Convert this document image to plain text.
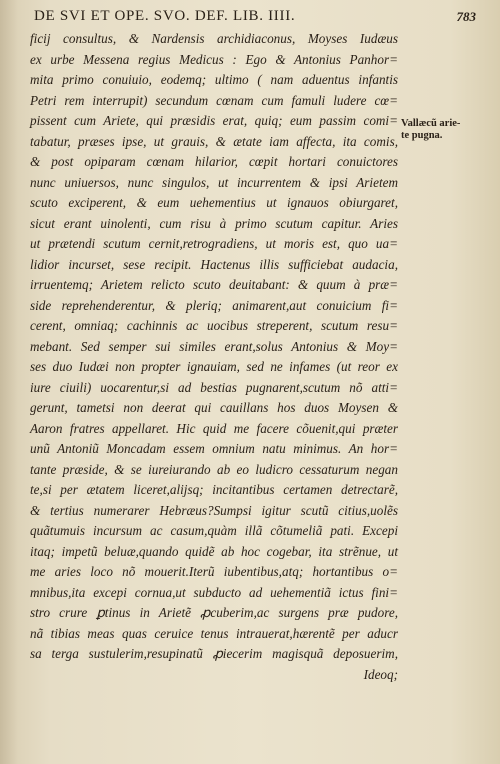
DE SVI ET OPE. SVO. DEF. LIB. IIII.	783
ficij consultus, & Nardensis archidiaconus, Moyses Iudæus
ex urbe Messena regius Medicus : Ego & Antonius Panhor=
mita primo conuiuio, eodemq; ultimo ( nam aduentus infantis
Petri rem interrupit) secundum cœnam cum famuli ludere cœ=
pissent cum Ariete, qui præsidis erat, quiq; eum passim comi=
tabatur, præses ipse, ut grauis, & ætate iam affecta, ita comis,
& post opiparam cœnam hilarior, cœpit hortari conuictores
nunc uniuersos, nunc singulos, ut incurrentem & ipsi Arietem
scuto exciperent, & eum uehementius ut ignauos obiurgaret,
sicut erant uinolenti, cum risu à primo scutum capitur. Aries
ut prætendi scutum cernit,retrogradiens, ut moris est, quo ua=
lidior incurset, sese recipit. Hactenus illis sufficiebat audacia,
irruentemq; Arietem relicto scuto deuitabant: & quum à præ=
side reprehenderentur, & pleriq; animarent,aut conuicium fi=
cerent, omniaq; cachinnis ac uocibus streperent, scutum resu=
mebant. Sed semper sui similes erant,solus Antonius & Moy=
ses duo Iudæi non propter ignauiam, sed ne infames (ut reor ex
iure ciuili) uocarentur,si ad bestias pugnarent,scutum nõ atti=
gerunt, tametsi non deerat qui cauillans hos duos Moysen &
Aaron fratres appellaret. Hic quid me facere cõuenit,qui præter
unũ Antoniũ Moncadam essem omnium natu minimus. An hor=
tante præside, & se iureiurando ab eo ludicro cessaturum negan
te,si per ætatem liceret,alijsq; incitantibus certamen detrectarẽ,
& tertius numerarer Hebræus?Sumpsi igitur scutũ citius,uolẽs
quãtumuis incursum ac casum,quàm illã cõtumeliã pati. Excepi
itaq; impetũ beluæ,quando quidẽ ab hoc cogebar, ita strẽnue, ut
me aries loco nõ mouerit.Iterũ iubentibus,atq; hortantibus o=
mnibus,ita excepi cornua,ut subducto ad uehementiã ictus fini=
stro crure ꝑtinus in Arietẽ ꝓcuberim,ac surgens præ pudore,
nã tibias meas quas ceruice tenus intrauerat,hærentẽ per aducr
sa terga sustulerim,resupinatũ ꝓiecerim magisquã deposuerim,
Ideoq;
Vallæcũ arie-
te pugna.
